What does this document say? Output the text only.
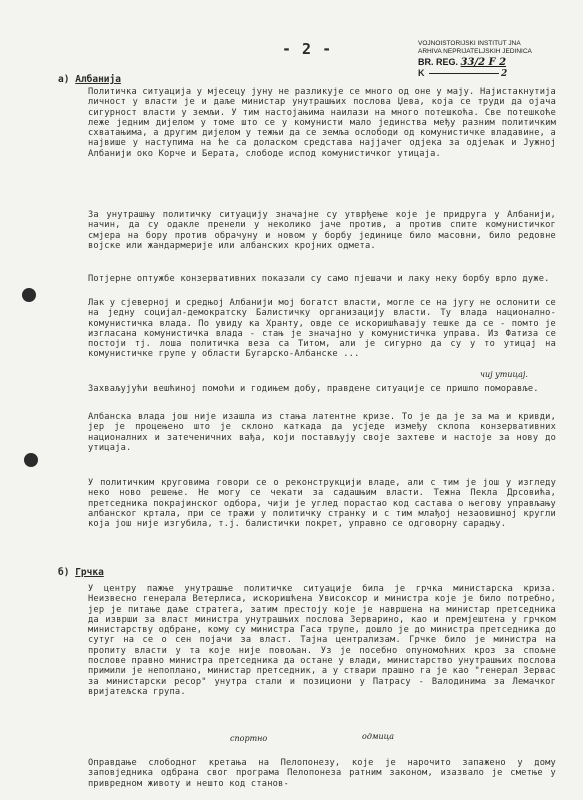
- 2 -	VOJNOISTORIJSKI INSTITUT JNA
ARHIVA NEPRIJATELJSKIH JEDINICA
BR. REG. 33/2 F 2
K	2
а) Албанија
Политичка ситуација у мјесецу јуну не разликује се много од оне у мају. Најистакнутија личност у власти је и даље министар унутрашњих послова Џева, која се труди да ојача сигурност власти у земљи. У тим настојањима наилази на много потешкоћа. Све потешкоће леже једним дијелом у томе што се у комунисти мало јединства међу разним политичким схватањима, а другим дијелом у тежњи да се земља ослободи од комунистичке владавине, а највише у наступима на ће са доласком средстава најјачег одјека за одјељак и Јужној Албанији око Корче и Берата, слободе испод комунистичког утицаја.
За унутрашњу политичку ситуацију значајне су утврђење које је придруга у Албанији, начин, да су одакле пренели у неколико јаче против, а против спите комунистичког смјера на бору против обрачуну и новом у борбу јединице било масовни, било редовне војске или жандармерије или албанских кројних одмета.
Потјерне оптужбе конзервативних показали су само пјешачи и лаку неку борбу врло дуже.
Лак у сјеверној и средњој Албанији мој богатст власти, могле се на југу не ослонити се на једну социјал-демократску Балистичку организацију власти. Ту влада национално-комунистичка влада. По увиду ка Хранту, овде се искоришћавају тешке да се - помто је изгласана комунистичка влада - стањ је значајно у комунистичка управа. Из Фатиза се постоји тј. лоша политичка веза са Титом, али је сигурно да су у то утицај на комунистичке групе у области Бугарско-Албанске ...
чиј утицај.
Захваљујући вешћиној помоћи и годињем добу, правдене ситуације се пришло поморавље.
Албанска влада још није изашла из стања латентне кризе. То је да је за ма и кривди, јер је процењено што је склоно каткада да усједе између склопа конзервативних националних и затеченичних вађа, који постављују своје захтеве и настоје за нову до утицаја.
У политичким круговима говори се о реконструкцији владе, али с тим је још у изгледу неко ново решење. Не могу се чекати за садашњим власти. Тежна Пекла Дрсовића, претседника покрајинског одбора, чији је углед порастао код састава о његову управљању албанског кртала, при се тражи у политичку странку и с тим млађој незаовишној кругли која још није изгубила, т.ј. балистички покрет, управно се одговорну сарадњу.
б) Грчка
У центру пажње унутрашње политичке ситуације била је грчка министарска криза. Неизвесно генерала Ветерлиса, искоришћена Увисоксор и министра које је било потребно, јер је питање даље стратега, затим престоју које је навршена на министар претседника да изврши за власт министра унутрашњих послова Зерварино, као и премјештена у грчком министарству одбране, кому су министра Гаса трупе, дошло је до министра претседника до сутуг на се о сен појачи за власт. Тајна централизам. Грчке било је министра на пропиту власти у та које није повољан. Уз је посебно опуномоћних кроз за спољне послове правно министра претседника да остане у влади, министарство унутрашњих послова примили је непоплано, министар претседник, а у ствари прашно га је као "генерал Зервас за министарски ресор" унутра стали и позициони у Патрасу - Валодинима за Лемачког вријатељска група.
спортно	одмица
Оправдање слободног кретања на Пелопонезу, које је нарочито запажено у дому заповједника одбрана свог програма Пелопонеза ратним законом, изазвало је сметње у привредном животу и нешто код станов-
